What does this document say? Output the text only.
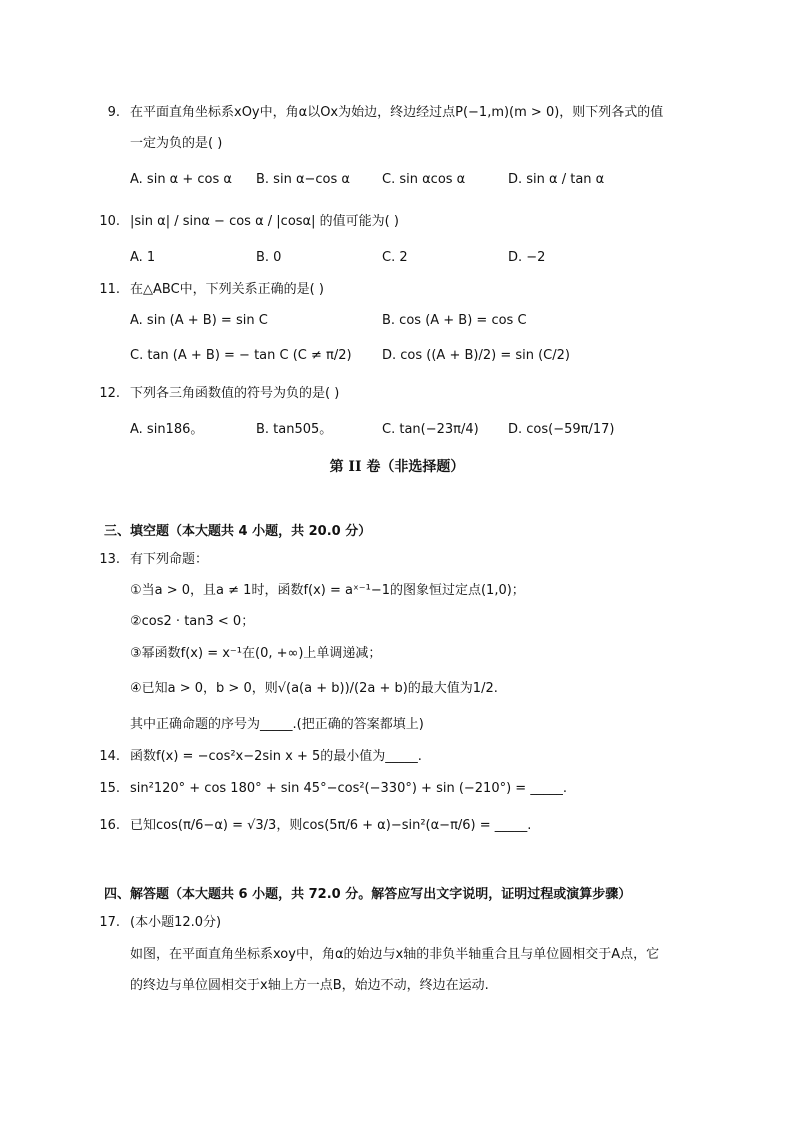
9. 在平面直角坐标系xOy中，角α以Ox为始边，终边经过点P(−1,m)(m > 0)，则下列各式的值
一定为负的是( )
A. sin α + cos α B. sin α−cos α C. sin αcos α	D. sin α / tan α
10. |sin α| / sinα − cos α / |cosα| 的值可能为( )
A. 1	B. 0	C. 2	D. −2
11. 在△ABC中，下列关系正确的是( )
A. sin (A + B) = sin C	B. cos (A + B) = cos C
C. tan (A + B) = − tan C (C ≠ π/2) D. cos ((A + B)/2) = sin (C/2)
12. 下列各三角函数值的符号为负的是( )
A. sin186。	B. tan505。	C. tan(−23π/4) D. cos(−59π/17)
第 II 卷（非选择题）
三、填空题（本大题共 4 小题，共 20.0 分）
13. 有下列命题：
①当a > 0，且a ≠ 1时，函数f(x) = aˣ⁻¹−1的图象恒过定点(1,0)；
②cos2 · tan3 < 0；
③幂函数f(x) = x⁻¹在(0, +∞)上单调递减；
④已知a > 0，b > 0，则√(a(a + b))/(2a + b)的最大值为1/2.
其中正确命题的序号为_____.(把正确的答案都填上)
14. 函数f(x) = −cos²x−2sin x + 5的最小值为_____.
15. sin²120° + cos 180° + sin 45°−cos²(−330°) + sin (−210°) = _____.
16. 已知cos(π/6−α) = √3/3，则cos(5π/6 + α)−sin²(α−π/6) = _____.
四、解答题（本大题共 6 小题，共 72.0 分。解答应写出文字说明，证明过程或演算步骤）
17. (本小题12.0分)
如图，在平面直角坐标系xoy中，角α的始边与x轴的非负半轴重合且与单位圆相交于A点，它
的终边与单位圆相交于x轴上方一点B，始边不动，终边在运动.
